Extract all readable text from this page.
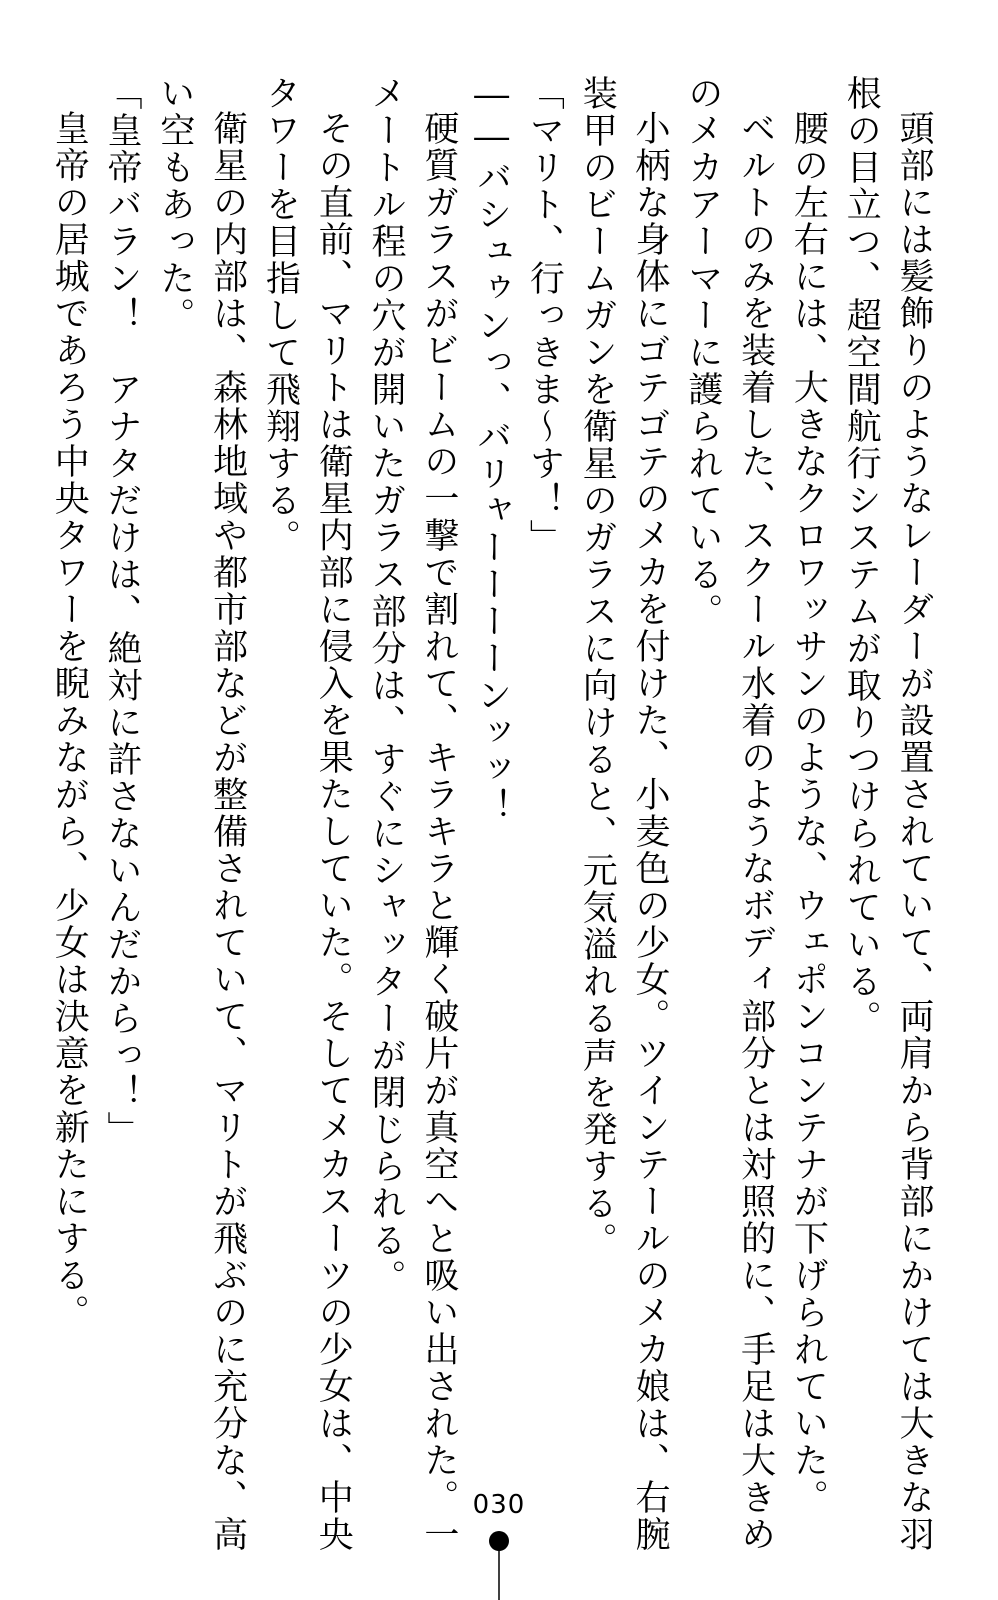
頭部には髪飾りのようなレーダーが設置されていて、両肩から背部にかけては大きな羽

根の目立つ、超空間航行システムが取りつけられている。

腰の左右には、大きなクロワッサンのような、ウェポンコンテナが下げられていた。

ベルトのみを装着した、スクール水着のようなボディ部分とは対照的に、手足は大きめ

のメカアーマーに護られている。

小柄な身体にゴテゴテのメカを付けた、小麦色の少女。ツインテールのメカ娘は、右腕

装甲のビームガンを衛星のガラスに向けると、元気溢れる声を発する。

「マリト、行っきま〜す！」

――バシュゥンっ、バリャーーーーンッッ！

硬質ガラスがビームの一撃で割れて、キラキラと輝く破片が真空へと吸い出された。一

メートル程の穴が開いたガラス部分は、すぐにシャッターが閉じられる。

その直前、マリトは衛星内部に侵入を果たしていた。そしてメカスーツの少女は、中央

タワーを目指して飛翔する。

衛星の内部は、森林地域や都市部などが整備されていて、マリトが飛ぶのに充分な、高

い空もあった。

「皇帝バラン！　アナタだけは、絶対に許さないんだからっ！」

皇帝の居城であろう中央タワーを睨みながら、少女は決意を新たにする。

030
